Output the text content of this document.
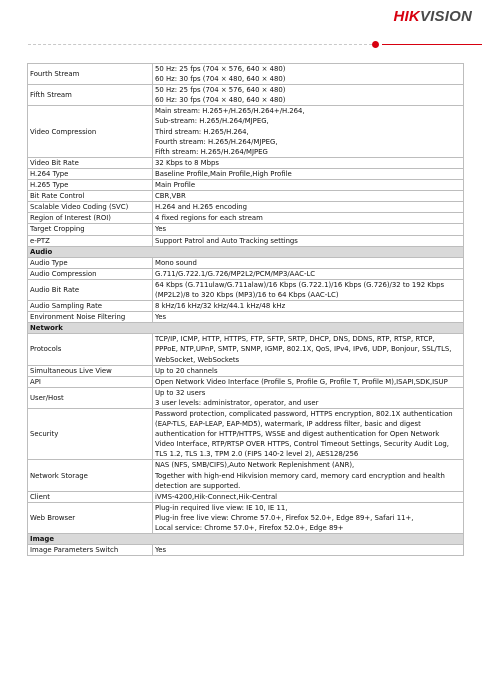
HIKVISION
Fourth Stream	50 Hz: 25 fps (704 × 576, 640 × 480)
60 Hz: 30 fps (704 × 480, 640 × 480)

Fifth Stream	50 Hz: 25 fps (704 × 576, 640 × 480)
60 Hz: 30 fps (704 × 480, 640 × 480)

Video Compression	Main stream: H.265+/H.265/H.264+/H.264,
Sub-stream: H.265/H.264/MJPEG,
Third stream: H.265/H.264,
Fourth stream: H.265/H.264/MJPEG,
Fifth stream: H.265/H.264/MJPEG

Video Bit Rate	32 Kbps to 8 Mbps

H.264 Type	Baseline Profile,Main Profile,High Profile

H.265 Type	Main Profile

Bit Rate Control	CBR,VBR

Scalable Video Coding (SVC)	H.264 and H.265 encoding

Region of Interest (ROI)	4 fixed regions for each stream

Target Cropping	Yes

e-PTZ	Support Patrol and Auto Tracking settings

Audio	
Audio Type	Mono sound

Audio Compression	G.711/G.722.1/G.726/MP2L2/PCM/MP3/AAC-LC

Audio Bit Rate	64 Kbps (G.711ulaw/G.711alaw)/16 Kbps (G.722.1)/16 Kbps (G.726)/32 to 192 Kbps
(MP2L2)/8 to 320 Kbps (MP3)/16 to 64 Kbps (AAC-LC)

Audio Sampling Rate	8 kHz/16 kHz/32 kHz/44.1 kHz/48 kHz

Environment Noise Filtering	Yes

Network	
Protocols	TCP/IP, ICMP, HTTP, HTTPS, FTP, SFTP, SRTP, DHCP, DNS, DDNS, RTP, RTSP, RTCP,
PPPoE, NTP,UPnP, SMTP, SNMP, IGMP, 802.1X, QoS, IPv4, IPv6, UDP, Bonjour, SSL/TLS,
WebSocket, WebSockets

Simultaneous Live View	Up to 20 channels

API	Open Network Video Interface (Profile S, Profile G, Profile T, Profile M),ISAPI,SDK,ISUP

User/Host	Up to 32 users
3 user levels: administrator, operator, and user

Security	Password protection, complicated password, HTTPS encryption, 802.1X authentication
(EAP-TLS, EAP-LEAP, EAP-MD5), watermark, IP address filter, basic and digest
authentication for HTTP/HTTPS, WSSE and digest authentication for Open Network
Video Interface, RTP/RTSP OVER HTTPS, Control Timeout Settings, Security Audit Log,
TLS 1.2, TLS 1.3, TPM 2.0 (FIPS 140-2 level 2), AES128/256

Network Storage	NAS (NFS, SMB/CIFS),Auto Network Replenishment (ANR),
Together with high-end Hikvision memory card, memory card encryption and health
detection are supported.

Client	iVMS-4200,Hik-Connect,Hik-Central

Web Browser	Plug-in required live view: IE 10, IE 11,
Plug-in free live view: Chrome 57.0+, Firefox 52.0+, Edge 89+, Safari 11+,
Local service: Chrome 57.0+, Firefox 52.0+, Edge 89+

Image	
Image Parameters Switch	Yes
